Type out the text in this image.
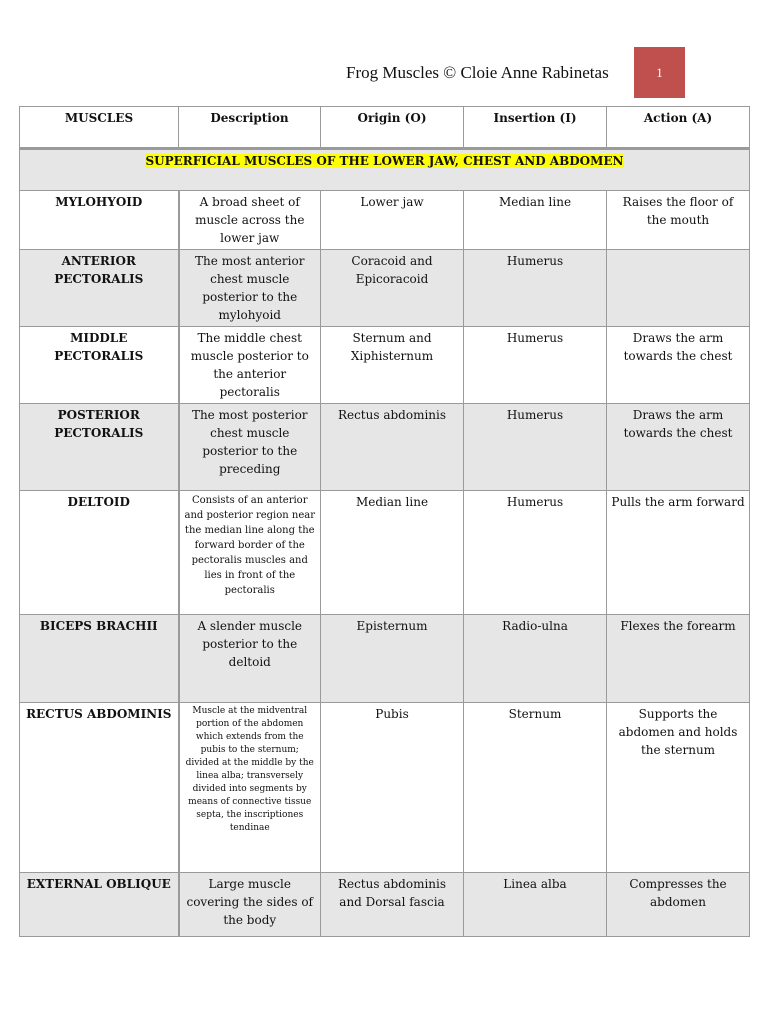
Frog Muscles © Cloie Anne Rabinetas	1
MUSCLES	Description	Origin (O)	Insertion (I)	Action (A)
SUPERFICIAL MUSCLES OF THE LOWER JAW, CHEST AND ABDOMEN				
MYLOHYOID	A broad sheet of muscle across the lower jaw	Lower jaw	Median line	Raises the floor of the mouth
ANTERIOR PECTORALIS	The most anterior chest muscle posterior to the mylohyoid	Coracoid and Epicoracoid	Humerus	
MIDDLE PECTORALIS	The middle chest muscle posterior to the anterior pectoralis	Sternum and Xiphisternum	Humerus	Draws the arm towards the chest
POSTERIOR PECTORALIS	The most posterior chest muscle posterior to the preceding	Rectus abdominis	Humerus	Draws the arm towards the chest
DELTOID	Consists of an anterior and posterior region near the median line along the forward border of the pectoralis muscles and lies in front of the pectoralis	Median line	Humerus	Pulls the arm forward
BICEPS BRACHII	A slender muscle posterior to the deltoid	Episternum	Radio-ulna	Flexes the forearm
RECTUS ABDOMINIS	Muscle at the midventral portion of the abdomen which extends from the pubis to the sternum; divided at the middle by the linea alba; transversely divided into segments by means of connective tissue septa, the inscriptiones tendinae	Pubis	Sternum	Supports the abdomen and holds the sternum
EXTERNAL OBLIQUE	Large muscle covering the sides of the body	Rectus abdominis and Dorsal fascia	Linea alba	Compresses the abdomen
